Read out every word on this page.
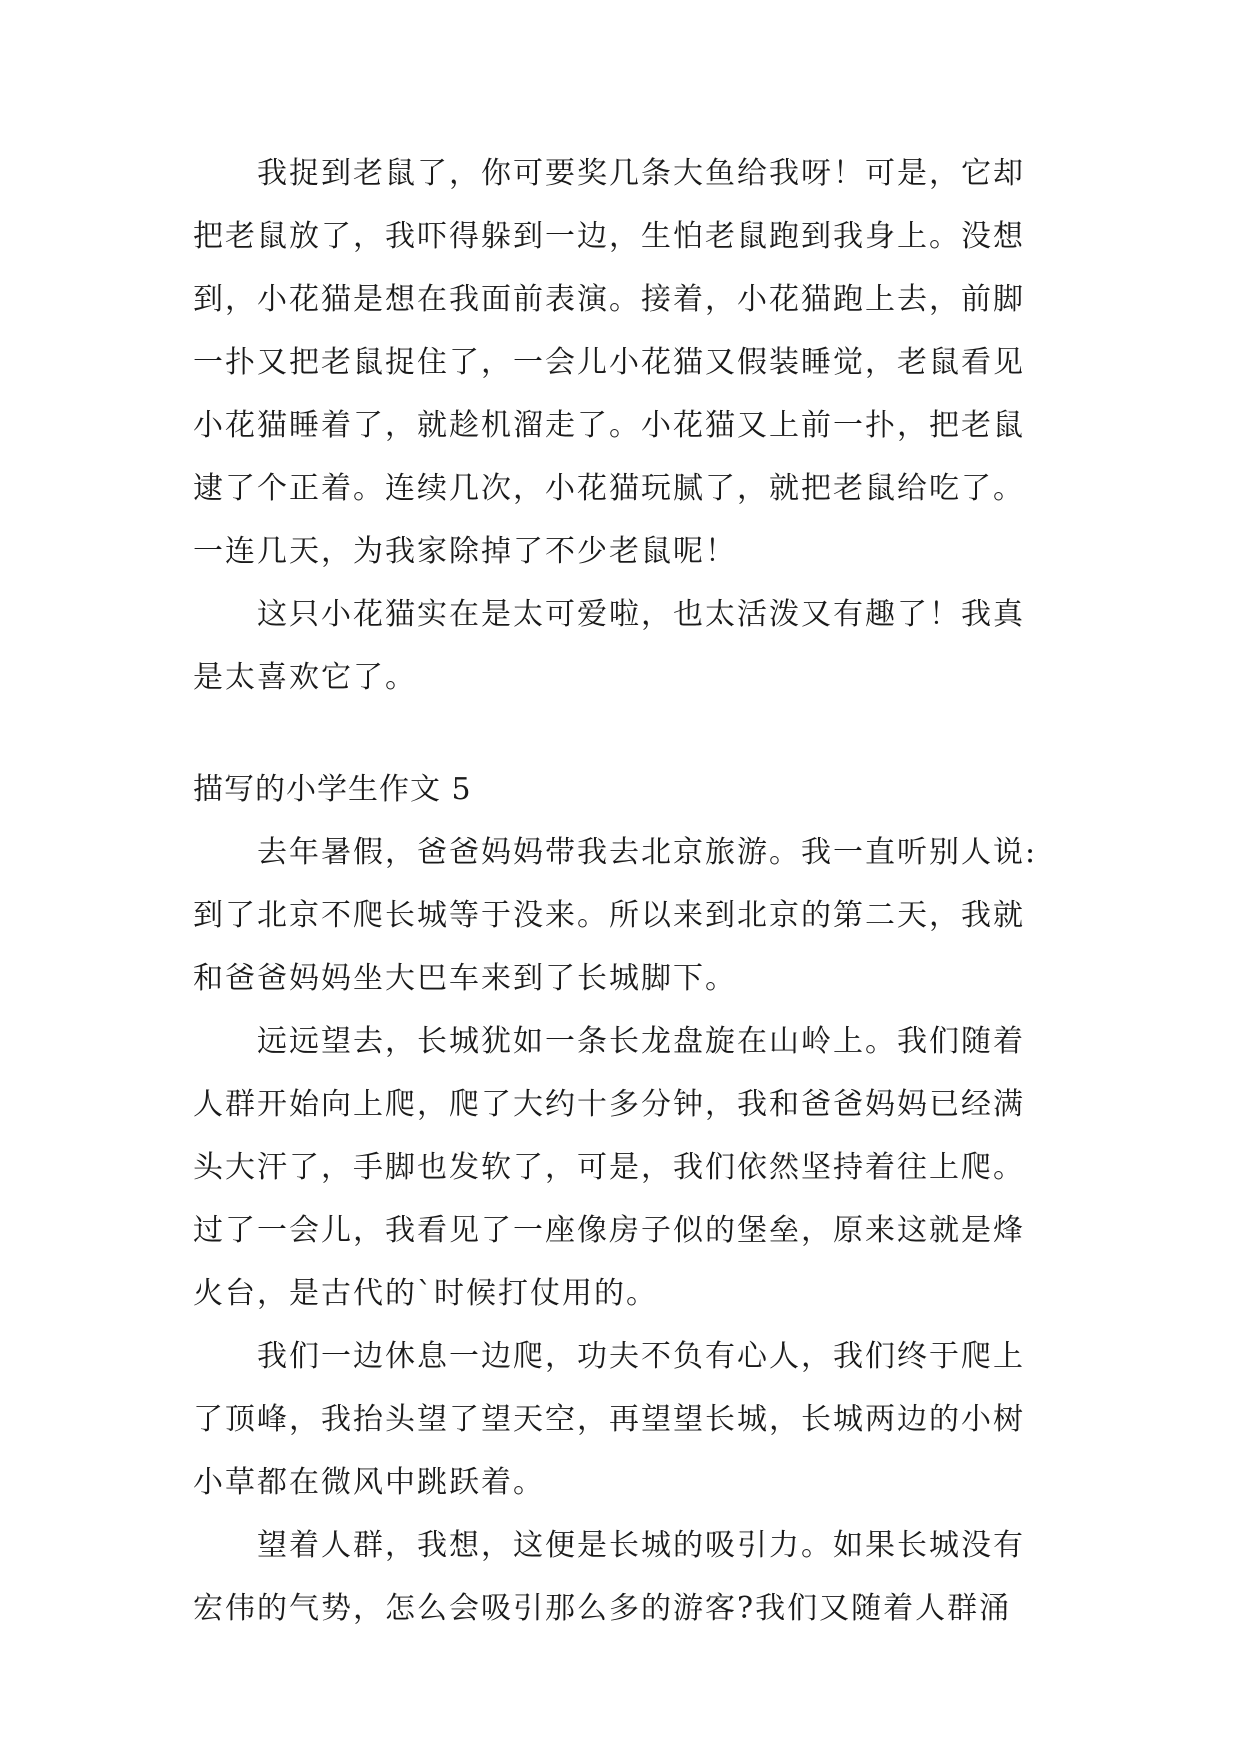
我捉到老鼠了，你可要奖几条大鱼给我呀！可是，它却
把老鼠放了，我吓得躲到一边，生怕老鼠跑到我身上。没想
到，小花猫是想在我面前表演。接着，小花猫跑上去，前脚
一扑又把老鼠捉住了，一会儿小花猫又假装睡觉，老鼠看见
小花猫睡着了，就趁机溜走了。小花猫又上前一扑，把老鼠
逮了个正着。连续几次，小花猫玩腻了，就把老鼠给吃了。
一连几天，为我家除掉了不少老鼠呢！
这只小花猫实在是太可爱啦，也太活泼又有趣了！我真
是太喜欢它了。
描写的小学生作文 5
去年暑假，爸爸妈妈带我去北京旅游。我一直听别人说:
到了北京不爬长城等于没来。所以来到北京的第二天，我就
和爸爸妈妈坐大巴车来到了长城脚下。
远远望去，长城犹如一条长龙盘旋在山岭上。我们随着
人群开始向上爬，爬了大约十多分钟，我和爸爸妈妈已经满
头大汗了，手脚也发软了，可是，我们依然坚持着往上爬。
过了一会儿，我看见了一座像房子似的堡垒，原来这就是烽
火台，是古代的`时候打仗用的。
我们一边休息一边爬，功夫不负有心人，我们终于爬上
了顶峰，我抬头望了望天空，再望望长城，长城两边的小树
小草都在微风中跳跃着。
望着人群，我想，这便是长城的吸引力。如果长城没有
宏伟的气势，怎么会吸引那么多的游客?我们又随着人群涌
